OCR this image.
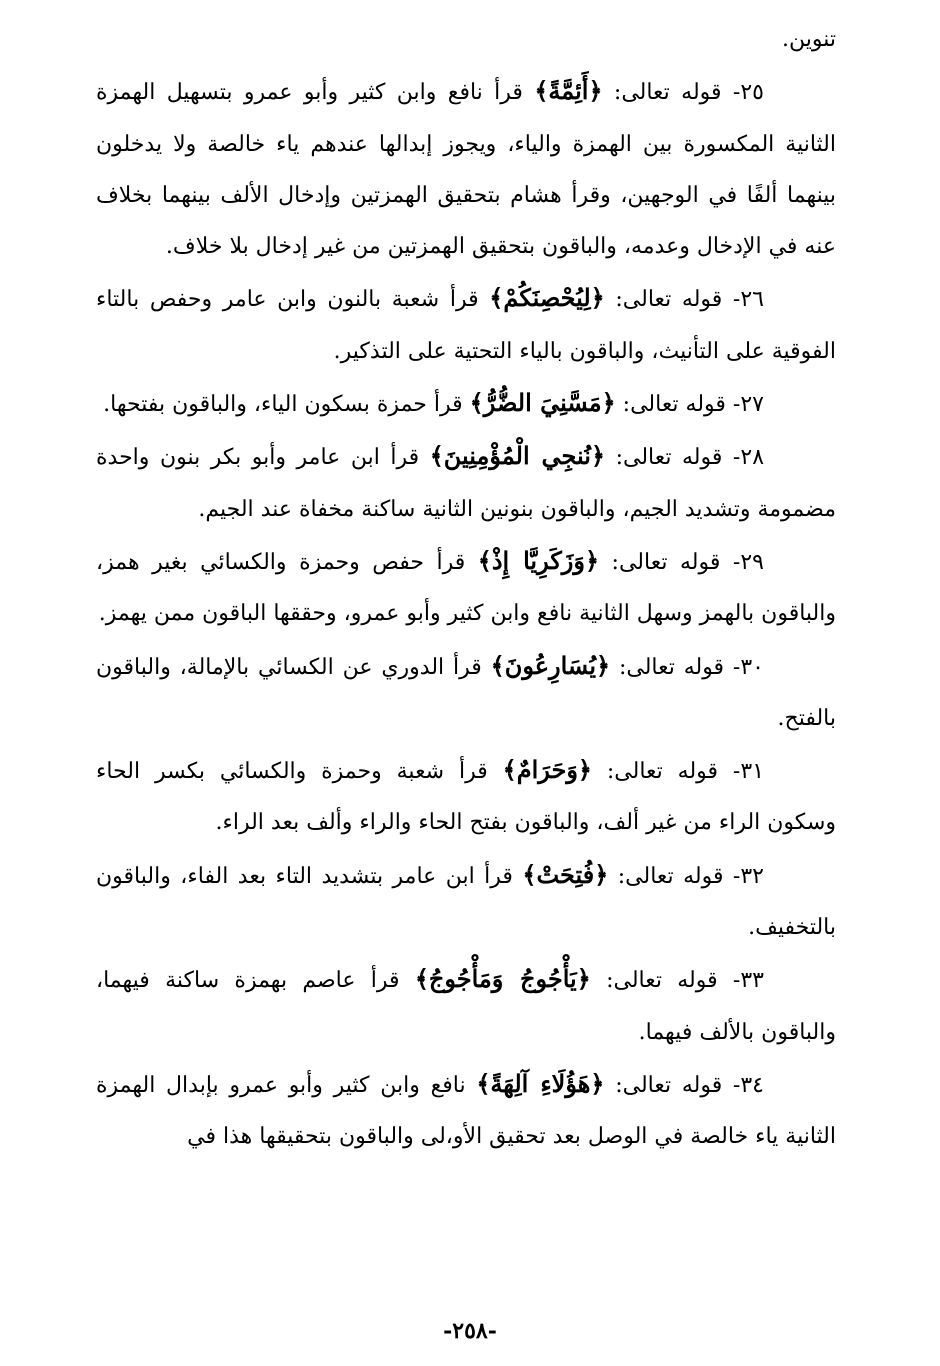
تنوين.

٢٥- قوله تعالى: ﴿أَئِمَّةً﴾ قرأ نافع وابن كثير وأبو عمرو بتسهيل الهمزة الثانية المكسورة بين الهمزة والياء، ويجوز إبدالها عندهم ياء خالصة ولا يدخلون بينهما ألفًا في الوجهين، وقرأ هشام بتحقيق الهمزتين وإدخال الألف بينهما بخلاف عنه في الإدخال وعدمه، والباقون بتحقيق الهمزتين من غير إدخال بلا خلاف.

٢٦- قوله تعالى: ﴿لِيُحْصِنَكُمْ﴾ قرأ شعبة بالنون وابن عامر وحفص بالتاء الفوقية على التأنيث، والباقون بالياء التحتية على التذكير.

٢٧- قوله تعالى: ﴿مَسَّنِيَ الضُّرُّ﴾ قرأ حمزة بسكون الياء، والباقون بفتحها.

٢٨- قوله تعالى: ﴿نُنجِي الْمُؤْمِنِينَ﴾ قرأ ابن عامر وأبو بكر بنون واحدة مضمومة وتشديد الجيم، والباقون بنونين الثانية ساكنة مخفاة عند الجيم.

٢٩- قوله تعالى: ﴿وَزَكَرِيَّا إِذْ﴾ قرأ حفص وحمزة والكسائي بغير همز، والباقون بالهمز وسهل الثانية نافع وابن كثير وأبو عمرو، وحققها الباقون ممن يهمز.

٣٠- قوله تعالى: ﴿يُسَارِعُونَ﴾ قرأ الدوري عن الكسائي بالإمالة، والباقون بالفتح.

٣١- قوله تعالى: ﴿وَحَرَامٌ﴾ قرأ شعبة وحمزة والكسائي بكسر الحاء وسكون الراء من غير ألف، والباقون بفتح الحاء والراء وألف بعد الراء.

٣٢- قوله تعالى: ﴿فُتِحَتْ﴾ قرأ ابن عامر بتشديد التاء بعد الفاء، والباقون بالتخفيف.

٣٣- قوله تعالى: ﴿يَأْجُوجُ وَمَأْجُوجُ﴾ قرأ عاصم بهمزة ساكنة فيهما، والباقون بالألف فيهما.

٣٤- قوله تعالى: ﴿هَؤُلَاءِ آلِهَةً﴾ نافع وابن كثير وأبو عمرو بإبدال الهمزة الثانية ياء خالصة في الوصل بعد تحقيق الأو،لى والباقون بتحقيقها هذا في

-٢٥٨-
